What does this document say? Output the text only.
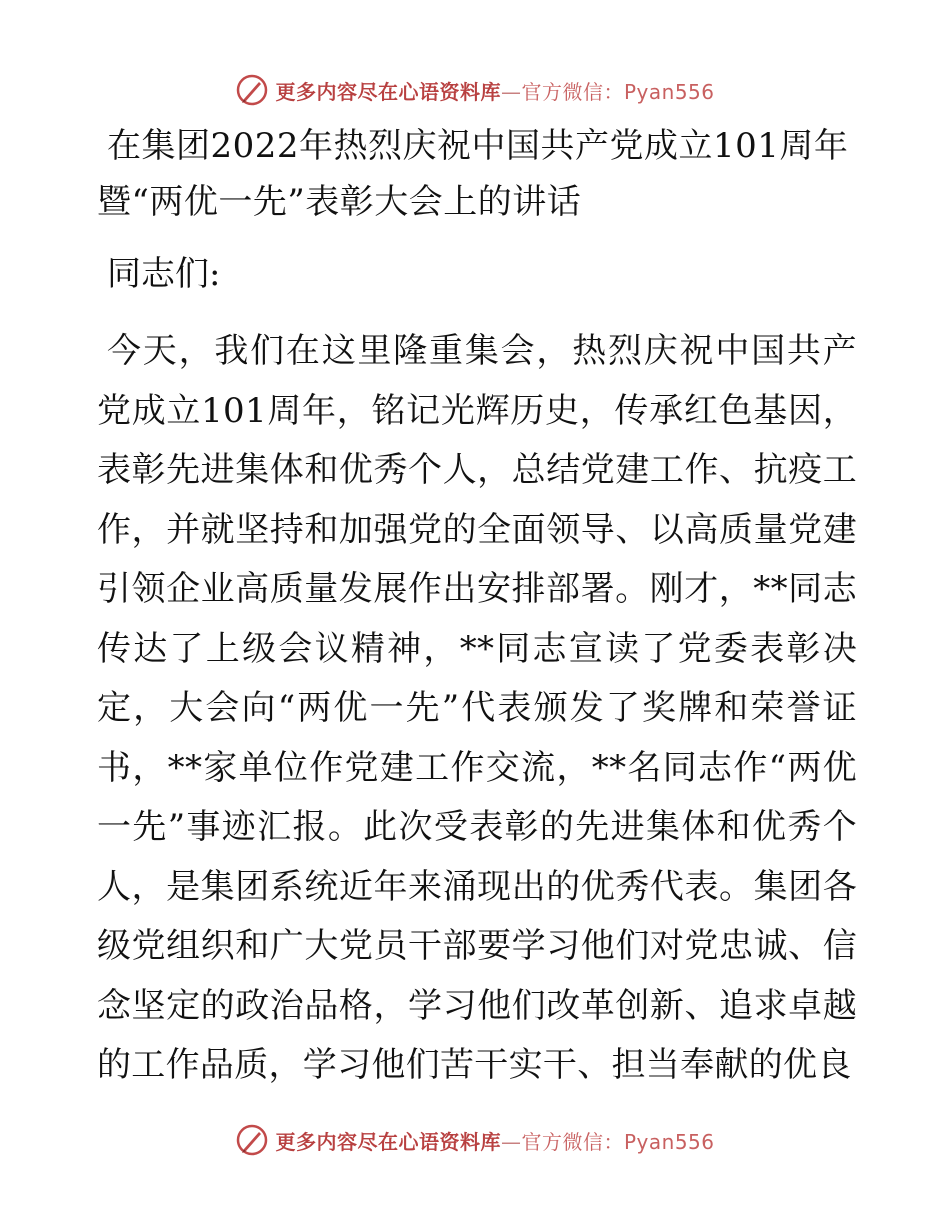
更多内容尽在心语资料库—官方微信：Pyan556
在集团2022年热烈庆祝中国共产党成立101周年
暨“两优一先”表彰大会上的讲话

同志们:

今天，我们在这里隆重集会，热烈庆祝中国共产党成立101周年，铭记光辉历史，传承红色基因，表彰先进集体和优秀个人，总结党建工作、抗疫工作，并就坚持和加强党的全面领导、以高质量党建引领企业高质量发展作出安排部署。刚才，**同志传达了上级会议精神，**同志宣读了党委表彰决定，大会向“两优一先”代表颁发了奖牌和荣誉证书，**家单位作党建工作交流，**名同志作“两优一先”事迹汇报。此次受表彰的先进集体和优秀个人，是集团系统近年来涌现出的优秀代表。集团各级党组织和广大党员干部要学习他们对党忠诚、信念坚定的政治品格，学习他们改革创新、追求卓越的工作品质，学习他们苦干实干、担当奉献的优良

更多内容尽在心语资料库—官方微信：Pyan556
